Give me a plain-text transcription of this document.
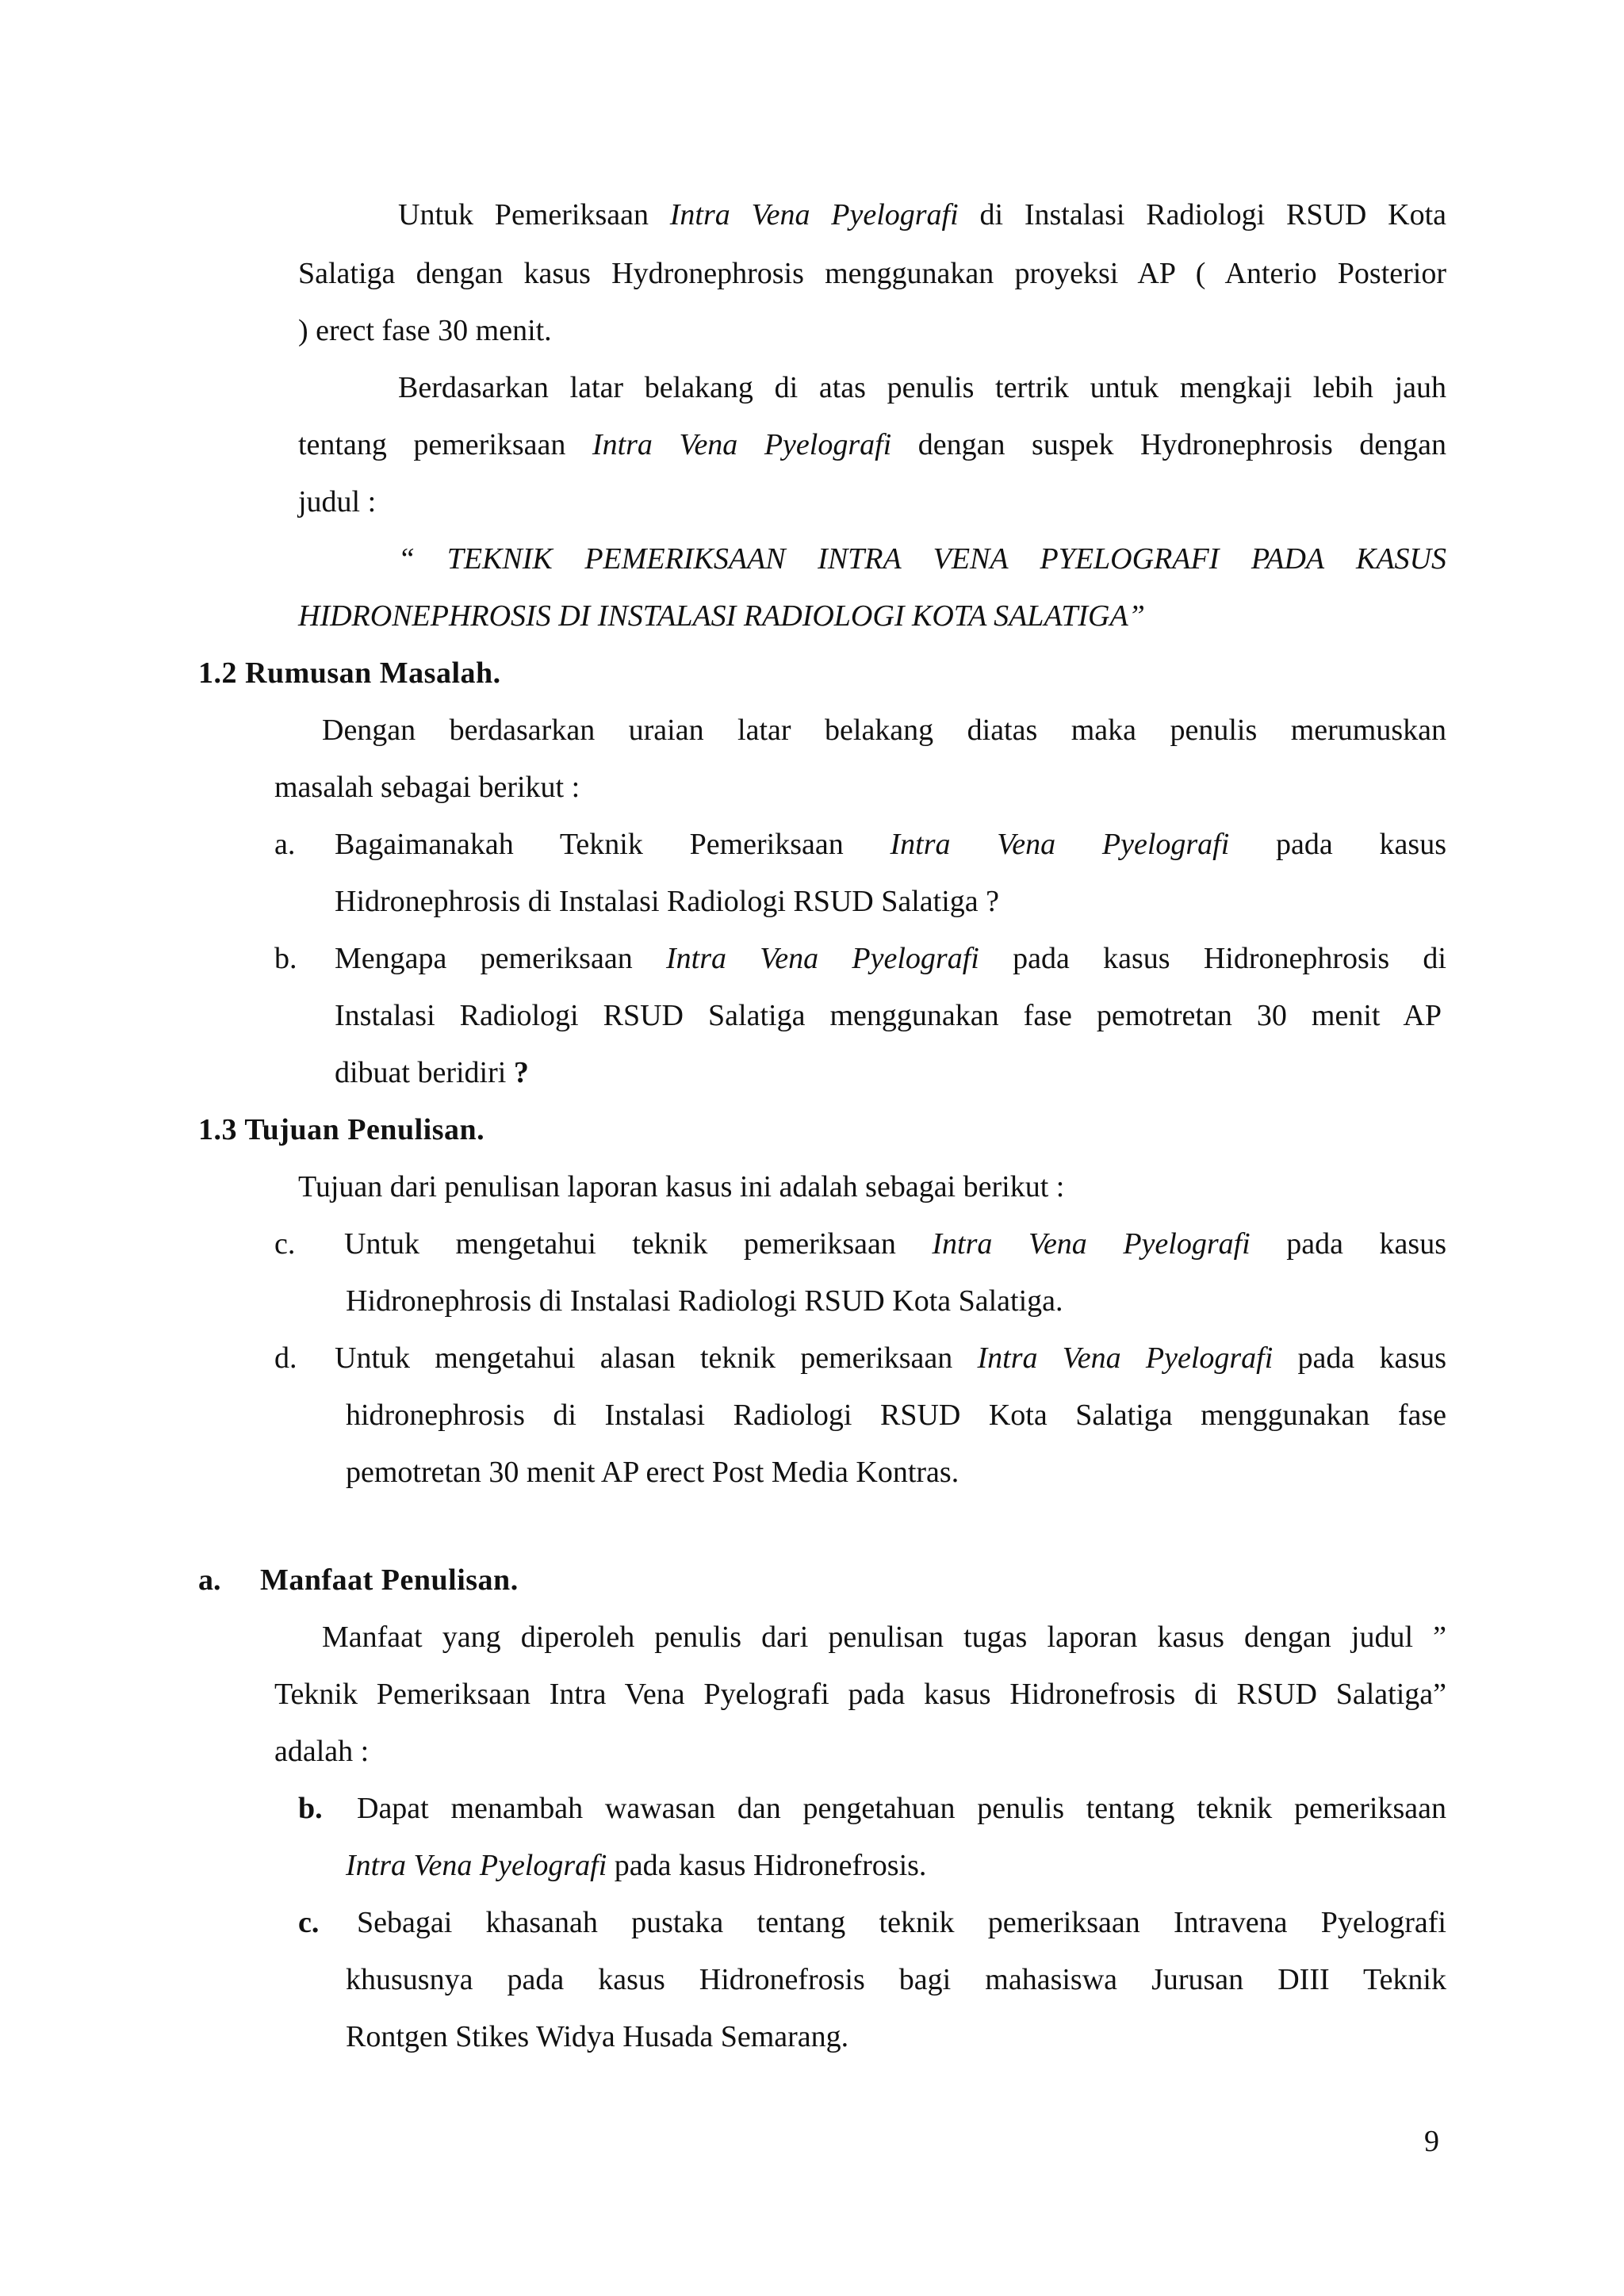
Untuk Pemeriksaan Intra Vena Pyelografi di Instalasi Radiologi RSUD Kota
Salatiga dengan kasus Hydronephrosis menggunakan proyeksi AP ( Anterio Posterior
) erect fase 30 menit.
Berdasarkan latar belakang di atas penulis tertrik untuk mengkaji lebih jauh
tentang pemeriksaan Intra Vena Pyelografi dengan suspek Hydronephrosis dengan
judul :
“ TEKNIK PEMERIKSAAN INTRA VENA PYELOGRAFI PADA KASUS
HIDRONEPHROSIS DI INSTALASI RADIOLOGI KOTA SALATIGA”
1.2 Rumusan Masalah.
Dengan berdasarkan uraian latar belakang diatas maka penulis merumuskan
masalah sebagai berikut :
a. Bagaimanakah Teknik Pemeriksaan Intra Vena Pyelografi pada kasus
Hidronephrosis di Instalasi Radiologi RSUD Salatiga ?
b. Mengapa pemeriksaan Intra Vena Pyelografi pada kasus Hidronephrosis di
Instalasi Radiologi RSUD Salatiga menggunakan fase pemotretan 30 menit AP
dibuat beridiri ?
1.3 Tujuan Penulisan.
Tujuan dari penulisan laporan kasus ini adalah sebagai berikut :
c. Untuk mengetahui teknik pemeriksaan Intra Vena Pyelografi pada kasus
Hidronephrosis di Instalasi Radiologi RSUD Kota Salatiga.
d. Untuk mengetahui alasan teknik pemeriksaan Intra Vena Pyelografi pada kasus
hidronephrosis di Instalasi Radiologi RSUD Kota Salatiga menggunakan fase
pemotretan 30 menit AP erect Post Media Kontras.
a. Manfaat Penulisan.
Manfaat yang diperoleh penulis dari penulisan tugas laporan kasus dengan judul ”
Teknik Pemeriksaan Intra Vena Pyelografi pada kasus Hidronefrosis di RSUD Salatiga”
adalah :
b. Dapat menambah wawasan dan pengetahuan penulis tentang teknik pemeriksaan
Intra Vena Pyelografi pada kasus Hidronefrosis.
c. Sebagai khasanah pustaka tentang teknik pemeriksaan Intravena Pyelografi
khususnya pada kasus Hidronefrosis bagi mahasiswa Jurusan DIII Teknik
Rontgen Stikes Widya Husada Semarang.
9
